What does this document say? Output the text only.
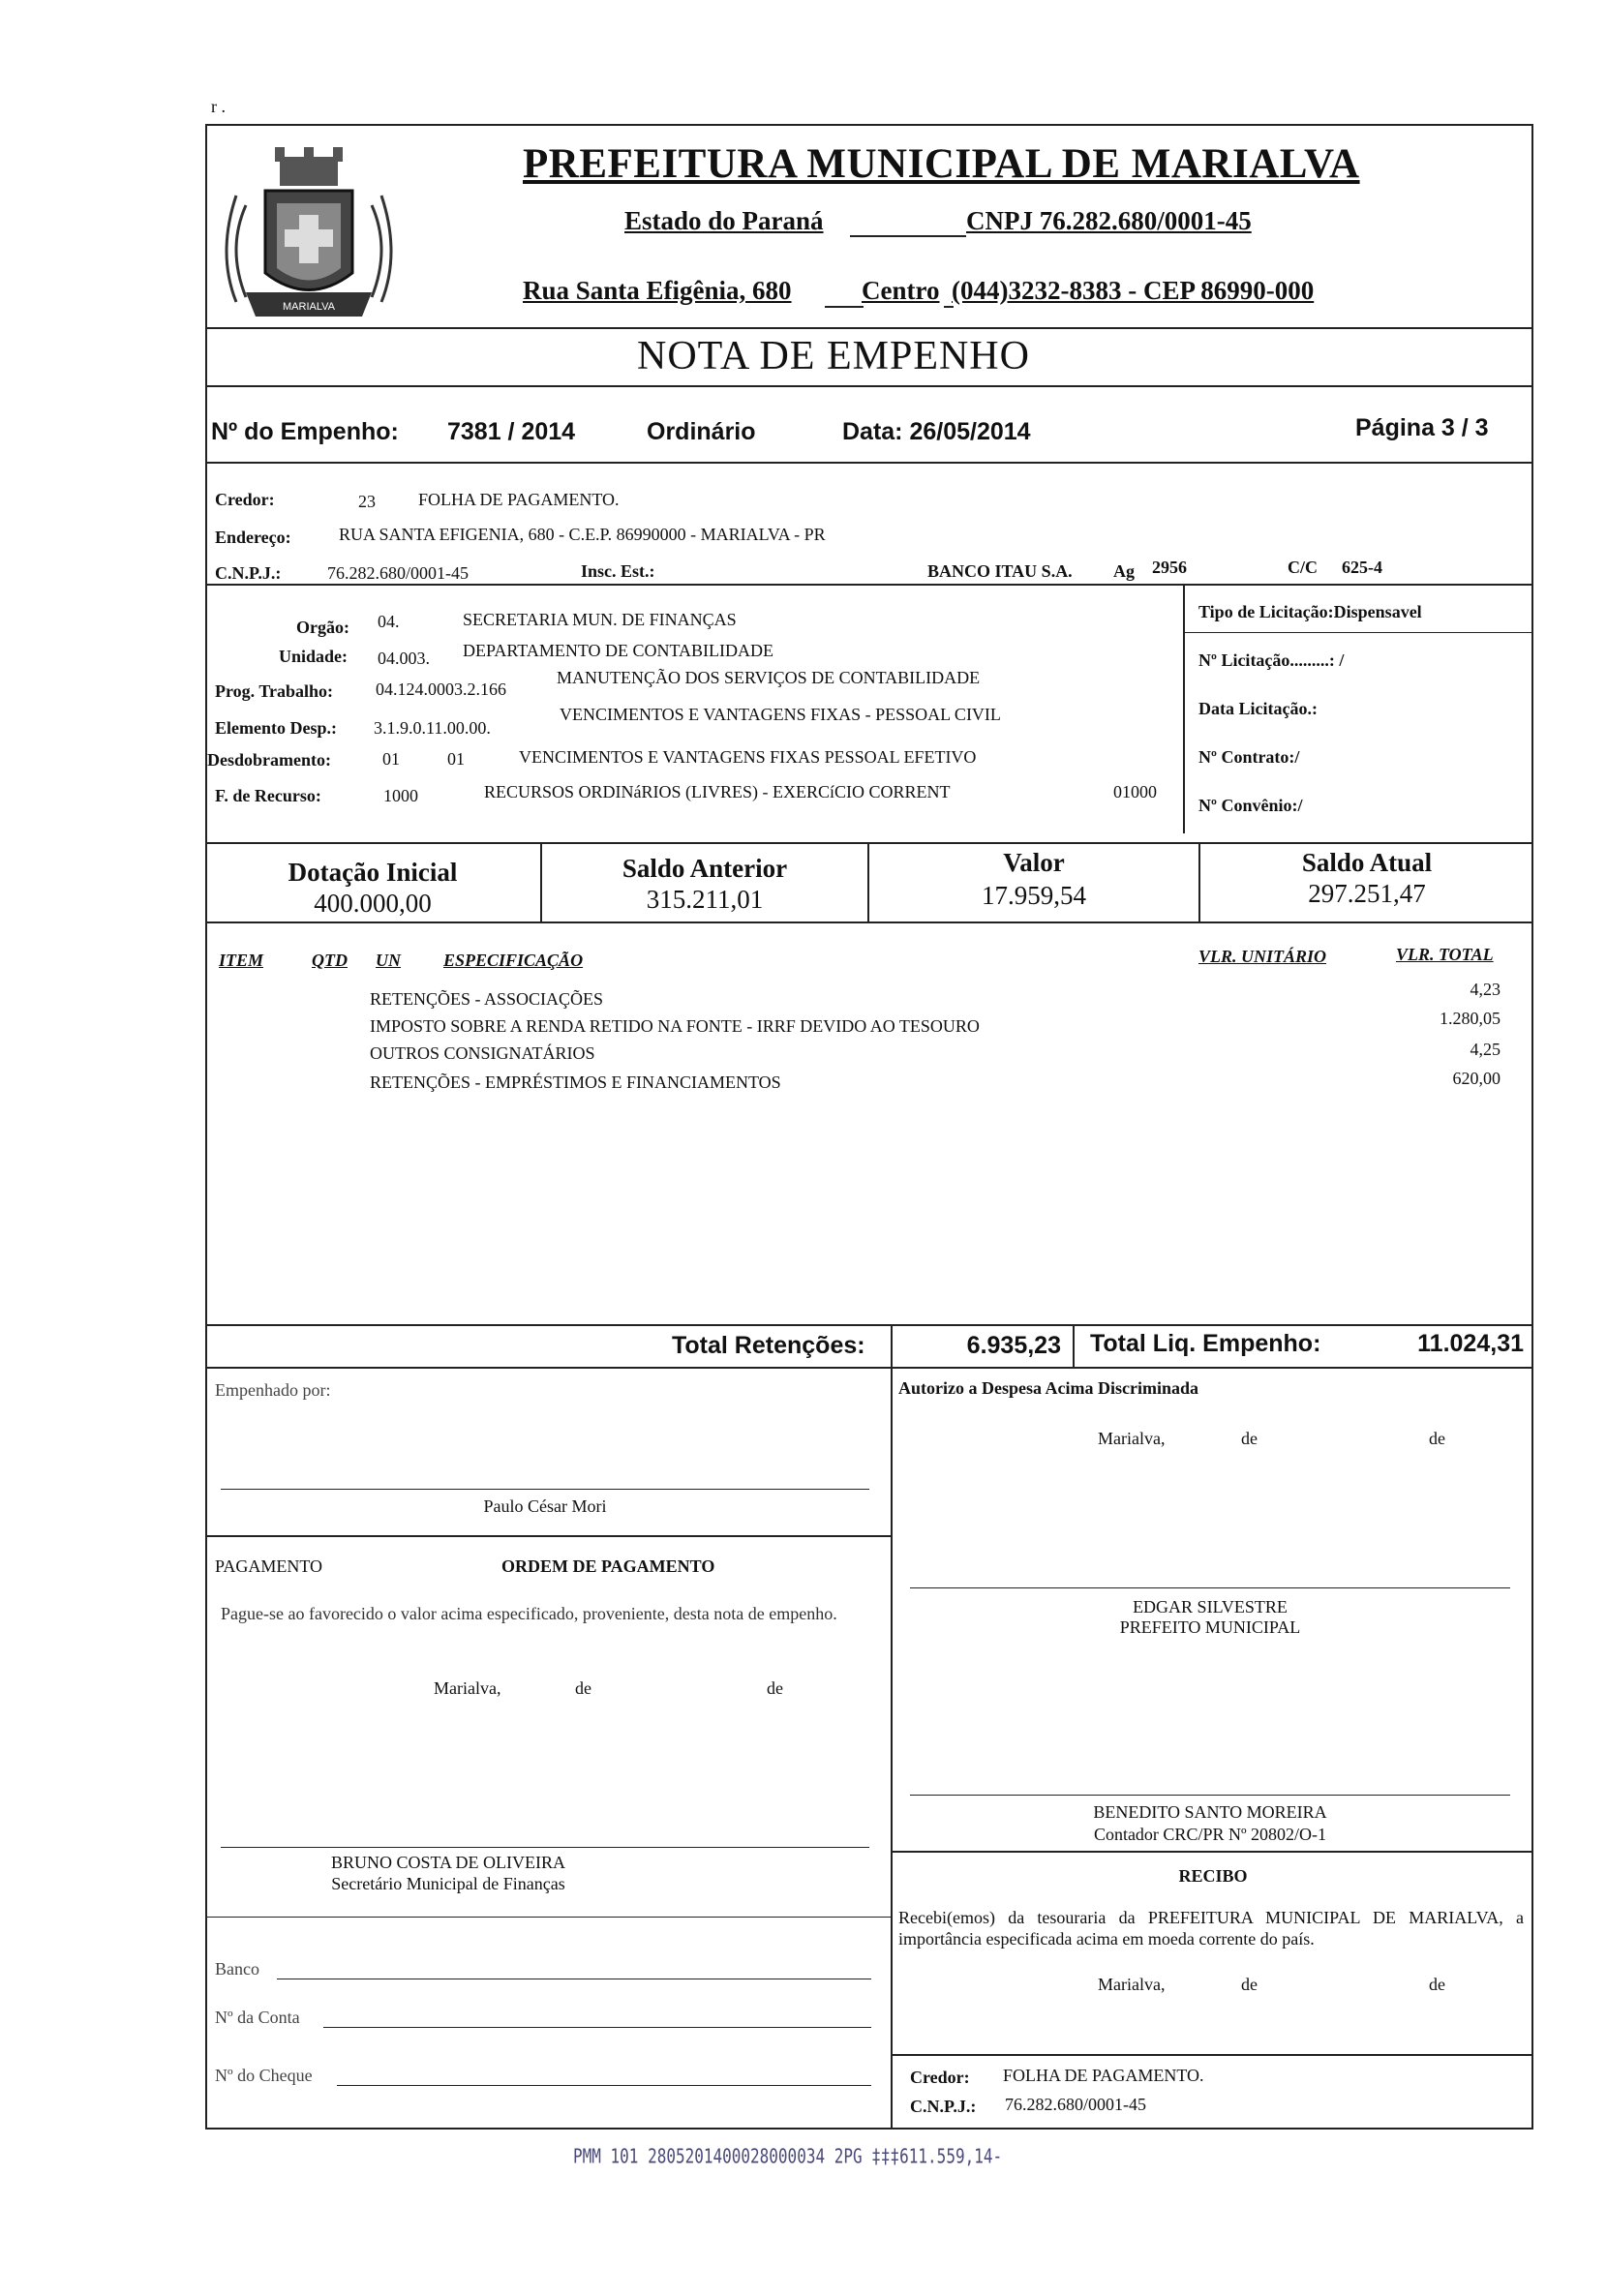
r .
MARIALVA
PREFEITURA MUNICIPAL DE MARIALVA
Estado do Paraná	CNPJ 76.282.680/0001-45
Rua Santa Efigênia, 680	Centro (044)3232-8383 - CEP 86990-000
NOTA DE EMPENHO
Nº do Empenho: 7381 / 2014	Ordinário	Data: 26/05/2014	Página 3 / 3
Credor:	23 FOLHA DE PAGAMENTO.
Endereço:	RUA SANTA EFIGENIA, 680 - C.E.P. 86990000 - MARIALVA - PR
C.N.P.J.:	76.282.680/0001-45	Insc. Est.:	BANCO ITAU S.A. Ag 2956	C/C 625-4
Orgão: 04.	SECRETARIA MUN. DE FINANÇAS
Unidade: 04.003. DEPARTAMENTO DE CONTABILIDADE
Prog. Trabalho: 04.124.0003.2.166
MANUTENÇÃO DOS SERVIÇOS DE CONTABILIDADE
Elemento Desp.: 3.1.9.0.11.00.00.
VENCIMENTOS E VANTAGENS FIXAS - PESSOAL CIVIL
Desdobramento:	01	01	VENCIMENTOS E VANTAGENS FIXAS PESSOAL EFETIVO
F. de Recurso:	1000	RECURSOS ORDINáRIOS (LIVRES) - EXERCíCIO CORRENT	01000
Tipo de Licitação:Dispensavel
Nº Licitação.........: /
Data Licitação.:
Nº Contrato:/
Nº Convênio:/
Dotação Inicial
400.000,00
Saldo Anterior
315.211,01
Valor
17.959,54
Saldo Atual
297.251,47
ITEM	QTD UN ESPECIFICAÇÃO	VLR. UNITÁRIO	VLR. TOTAL
RETENÇÕES - ASSOCIAÇÕES	4,23
IMPOSTO SOBRE A RENDA RETIDO NA FONTE - IRRF DEVIDO AO TESOURO	1.280,05
OUTROS CONSIGNATÁRIOS	4,25
RETENÇÕES - EMPRÉSTIMOS E FINANCIAMENTOS	620,00
Total Retenções:	6.935,23 Total Liq. Empenho:	11.024,31
Empenhado por:
Paulo César Mori
Autorizo a Despesa Acima Discriminada
Marialva,	de	de
PAGAMENTO	ORDEM DE PAGAMENTO
Pague-se ao favorecido o valor acima especificado, proveniente, desta nota de empenho.
Marialva,	de	de
EDGAR SILVESTRE
PREFEITO MUNICIPAL
BENEDITO SANTO MOREIRA
Contador CRC/PR Nº 20802/O-1
BRUNO COSTA DE OLIVEIRA
Secretário Municipal de Finanças	RECIBO
Recebi(emos) da tesouraria da PREFEITURA MUNICIPAL DE MARIALVA, a importância especificada acima em moeda corrente do país.
Marialva,	de	de
Banco
Nº da Conta
Nº do Cheque	Credor: FOLHA DE PAGAMENTO.
C.N.P.J.: 76.282.680/0001-45
PMM 101 2805201400028000034 2PG ‡‡‡611.559,14-
